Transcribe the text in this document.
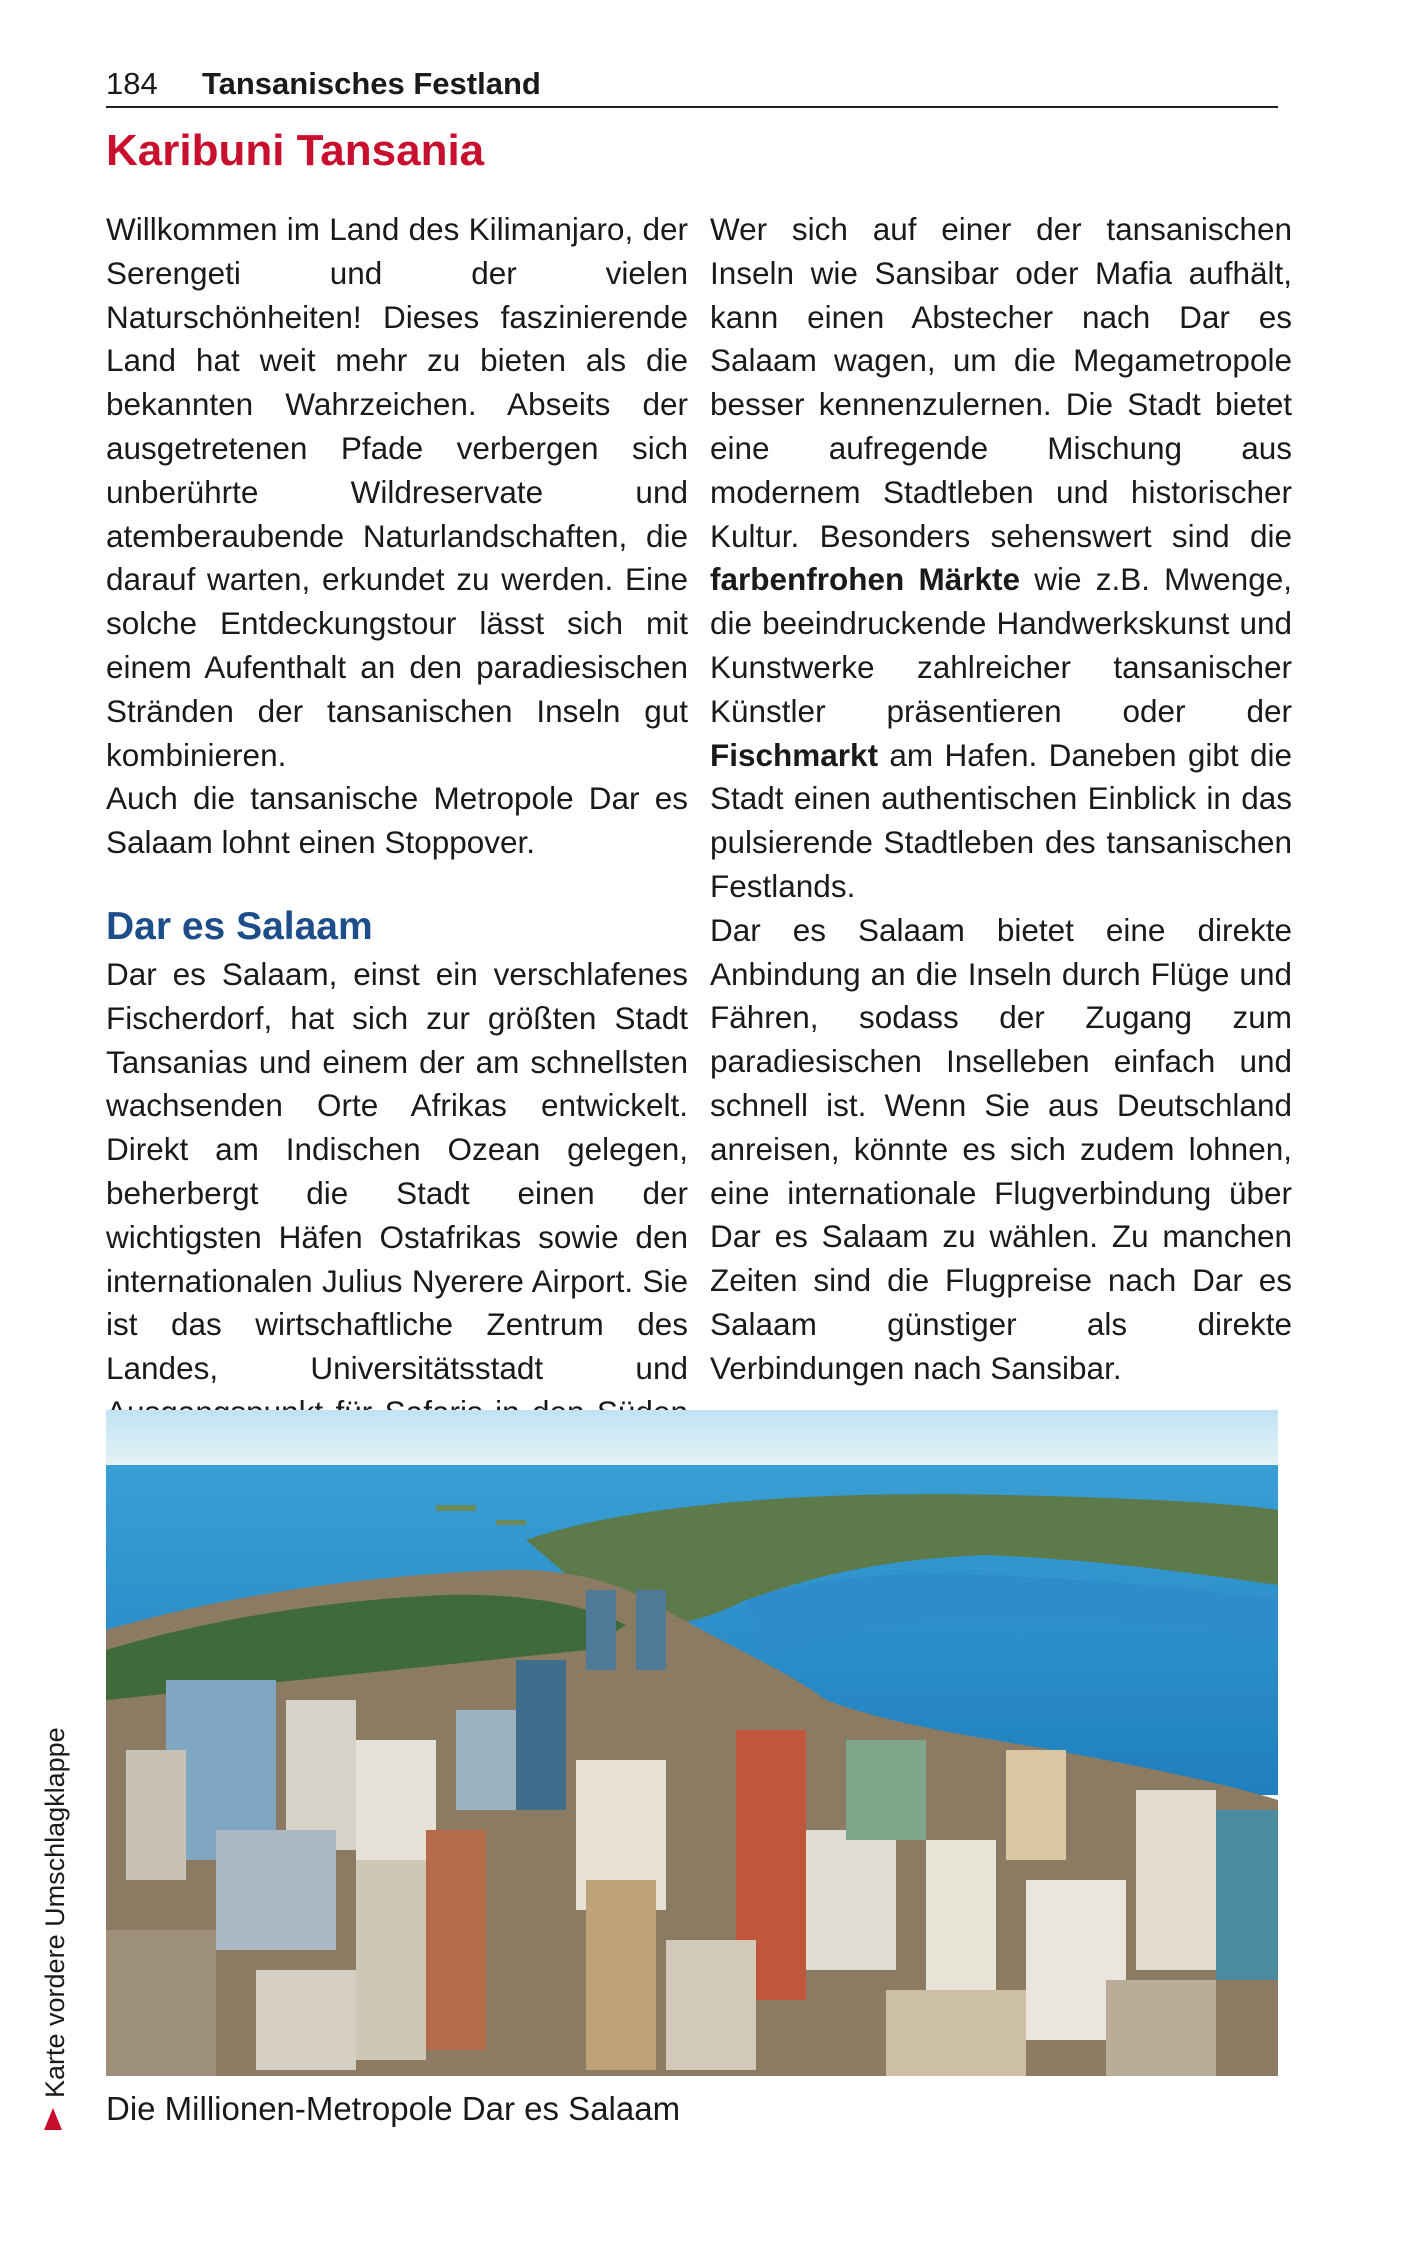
184 Tansanisches Festland
Karibuni Tansania

Willkommen im Land des Kilimanjaro, der Serengeti und der vielen Naturschönheiten! Dieses faszinierende Land hat weit mehr zu bieten als die bekannten Wahrzeichen. Abseits der ausgetretenen Pfade verbergen sich unberührte Wildreservate und atemberaubende Naturlandschaften, die darauf warten, erkundet zu werden. Eine solche Entdeckungstour lässt sich mit einem Aufenthalt an den paradiesischen Stränden der tansanischen Inseln gut kombinieren.

Auch die tansanische Metropole Dar es Salaam lohnt einen Stoppover.

Dar es Salaam

Dar es Salaam, einst ein verschlafenes Fischerdorf, hat sich zur größten Stadt Tansanias und einem der am schnellsten wachsenden Orte Afrikas entwickelt. Direkt am Indischen Ozean gelegen, beherbergt die Stadt einen der wichtigsten Häfen Ostafrikas sowie den internationalen Julius Nyerere Airport. Sie ist das wirtschaftliche Zentrum des Landes, Universitätsstadt und

Wer sich auf einer der tansanischen Inseln wie Sansibar oder Mafia aufhält, kann einen Abstecher nach Dar es Salaam wagen, um die Megametropole besser kennenzulernen. Die Stadt bietet eine aufregende Mischung aus modernem Stadtleben und historischer Kultur. Besonders sehenswert sind die farbenfrohen Märkte wie z.B. Mwenge, die beeindruckende Handwerkskunst und Kunstwerke zahlreicher tansanischer Künstler präsentieren oder der Fischmarkt am Hafen. Daneben gibt die Stadt einen authentischen Einblick in das pulsierende Stadtleben des tansanischen Festlands.

Dar es Salaam bietet eine direkte Anbindung an die Inseln durch Flüge und Fähren, sodass der Zugang zum paradiesischen Inselleben einfach und schnell ist. Wenn Sie aus Deutschland anreisen, könnte es sich zudem lohnen, eine internationale Flugverbindung über Dar es Salaam zu wählen. Zu manchen Zeiten sind die Flugpreise nach Dar es Salaam günstiger als direkte Verbindungen nach Sansibar.

Die Millionen-Metropole Dar es Salaam
Karte vordere Umschlagklappe
